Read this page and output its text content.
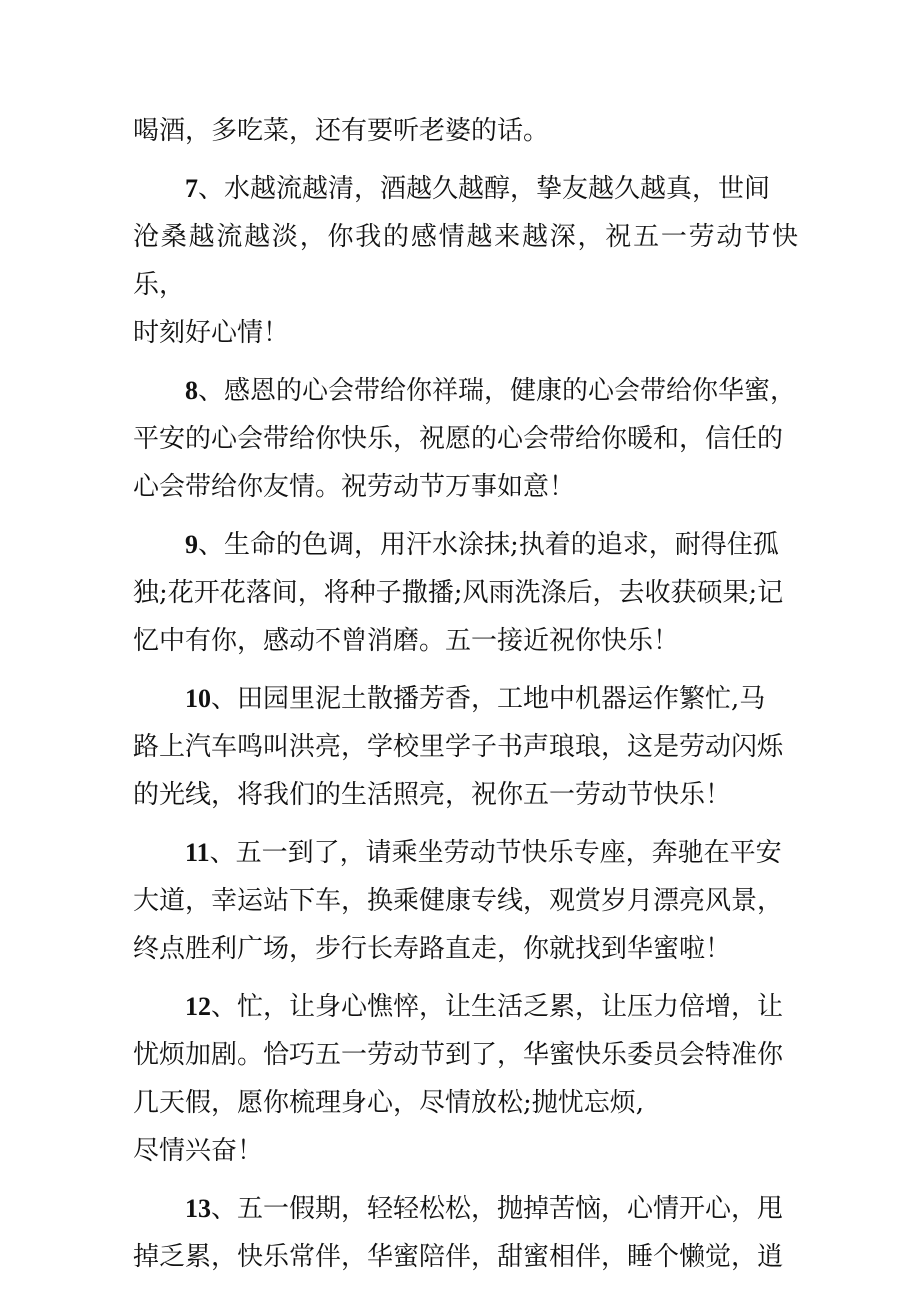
喝酒，多吃菜，还有要听老婆的话。

7、水越流越清，酒越久越醇，挚友越久越真，世间
沧桑越流越淡，你我的感情越来越深，祝五一劳动节快乐，
时刻好心情！

8、感恩的心会带给你祥瑞，健康的心会带给你华蜜，
平安的心会带给你快乐，祝愿的心会带给你暖和，信任的
心会带给你友情。祝劳动节万事如意！

9、生命的色调，用汗水涂抹;执着的追求，耐得住孤
独;花开花落间，将种子撒播;风雨洗涤后，去收获硕果;记
忆中有你，感动不曾消磨。五一接近祝你快乐！

10、田园里泥土散播芳香，工地中机器运作繁忙,马
路上汽车鸣叫洪亮，学校里学子书声琅琅，这是劳动闪烁
的光线，将我们的生活照亮，祝你五一劳动节快乐！

11、五一到了，请乘坐劳动节快乐专座，奔驰在平安
大道，幸运站下车，换乘健康专线，观赏岁月漂亮风景，
终点胜利广场，步行长寿路直走，你就找到华蜜啦！

12、忙，让身心憔悴，让生活乏累，让压力倍增，让
忧烦加剧。恰巧五一劳动节到了，华蜜快乐委员会特准你
几天假，愿你梳理身心，尽情放松;抛忧忘烦,
尽情兴奋！

13、五一假期，轻轻松松，抛掉苦恼，心情开心，甩
掉乏累，快乐常伴，华蜜陪伴，甜蜜相伴，睡个懒觉，逍
